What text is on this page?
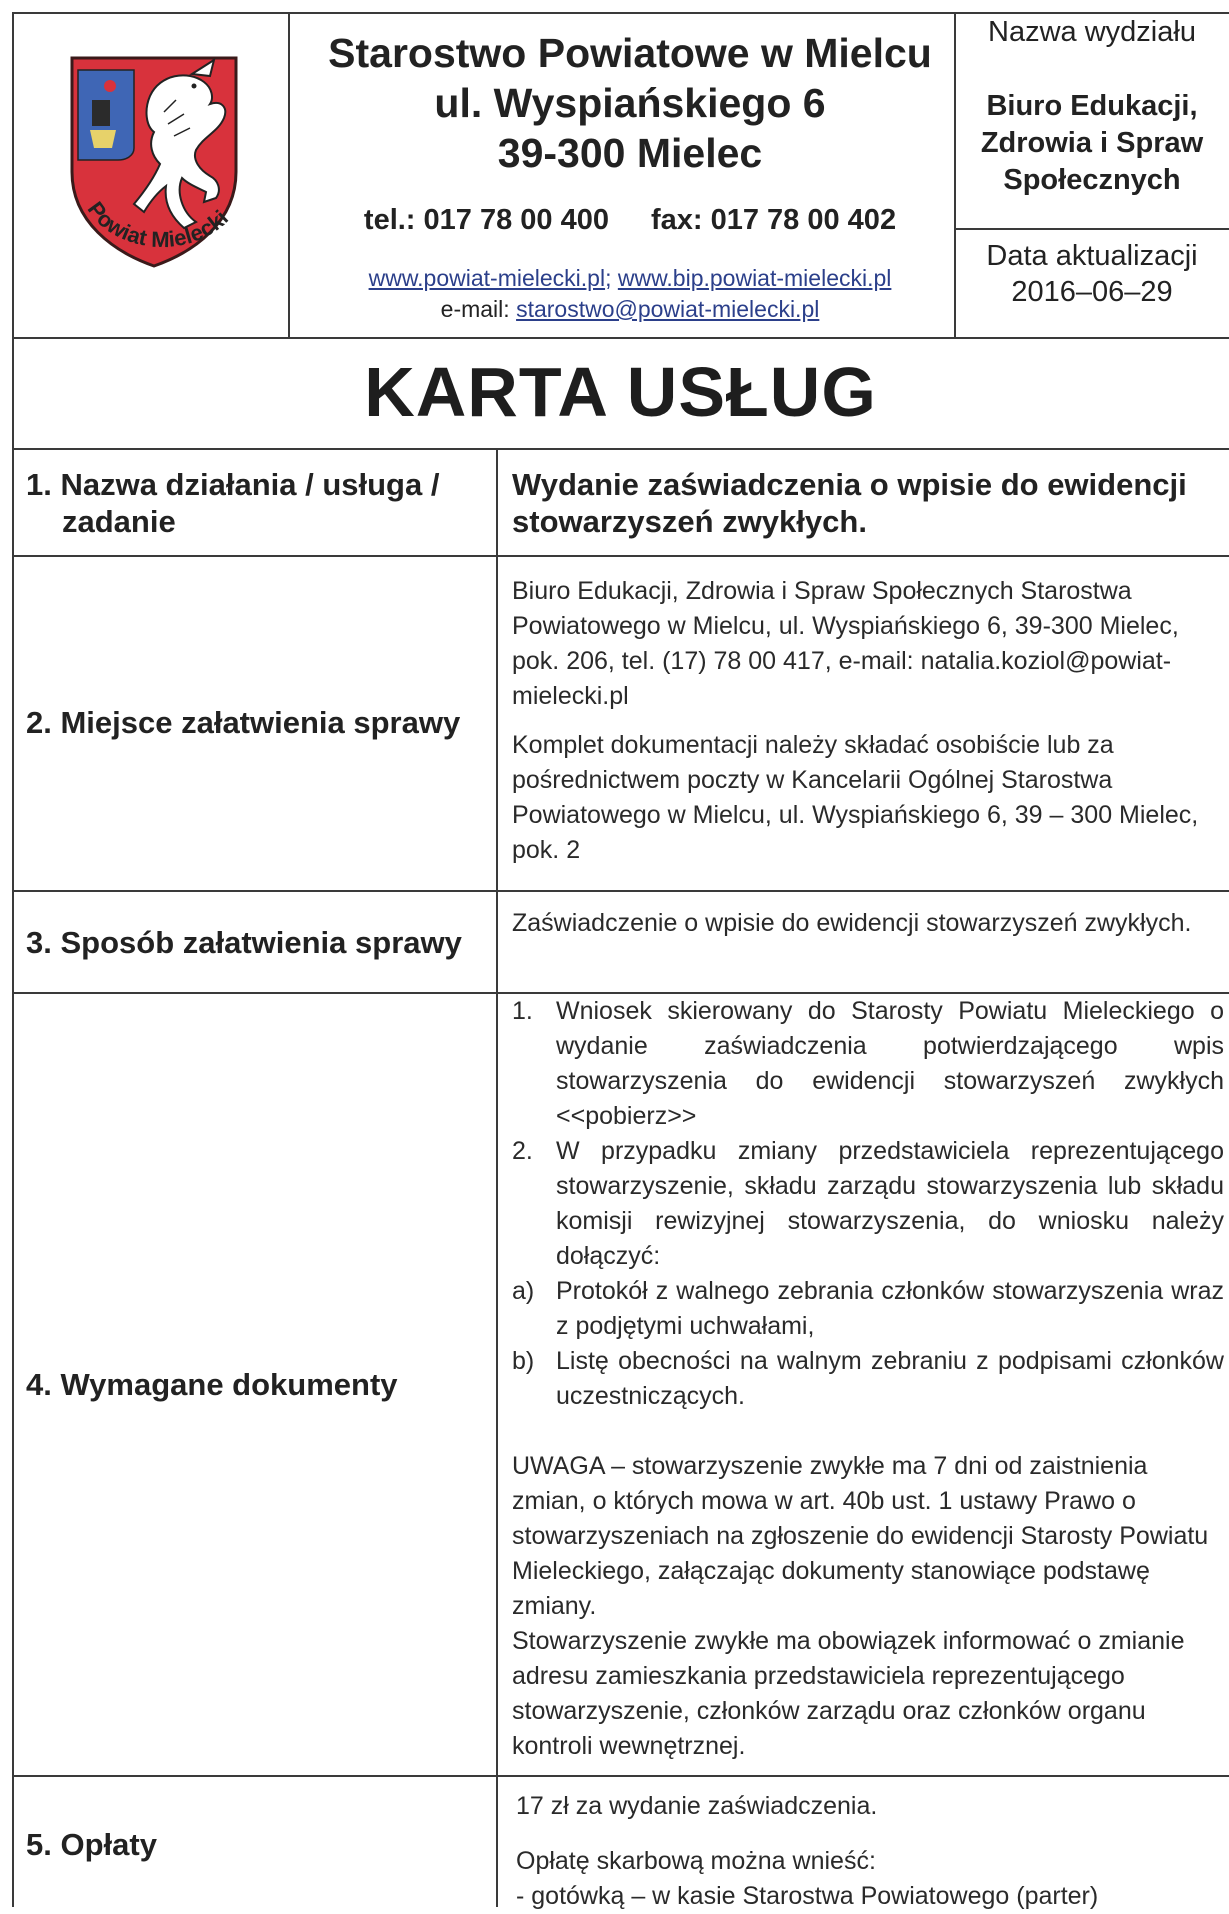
Powiat Mielecki
Starostwo Powiatowe w Mielcu
ul. Wyspiańskiego 6
39-300 Mielec
tel.: 017 78 00 400 fax: 017 78 00 402
www.powiat-mielecki.pl; www.bip.powiat-mielecki.pl
e-mail: starostwo@powiat-mielecki.pl
Nazwa wydziału
Biuro Edukacji,
Zdrowia i Spraw
Społecznych
Data aktualizacji
2016–06–29
KARTA USŁUG
1. Nazwa działania / usługa /
zadanie
Wydanie zaświadczenia o wpisie do ewidencji
stowarzyszeń zwykłych.
2. Miejsce załatwienia sprawy

Biuro Edukacji, Zdrowia i Spraw Społecznych Starostwa Powiatowego w Mielcu, ul. Wyspiańskiego 6, 39-300 Mielec, pok. 206, tel. (17) 78 00 417, e-mail: natalia.koziol@powiat-mielecki.pl

Komplet dokumentacji należy składać osobiście lub za pośrednictwem poczty w Kancelarii Ogólnej Starostwa Powiatowego w Mielcu, ul. Wyspiańskiego 6, 39 – 300 Mielec, pok. 2

3. Sposób załatwienia sprawy
Zaświadczenie o wpisie do ewidencji stowarzyszeń zwykłych.
4. Wymagane dokumenty
1. Wniosek skierowany do Starosty Powiatu Mieleckiego o wydanie zaświadczenia potwierdzającego wpis stowarzyszenia do ewidencji stowarzyszeń zwykłych <<pobierz>>
2. W przypadku zmiany przedstawiciela reprezentującego stowarzyszenie, składu zarządu stowarzyszenia lub składu komisji rewizyjnej stowarzyszenia, do wniosku należy dołączyć:
a) Protokół z walnego zebrania członków stowarzyszenia wraz z podjętymi uchwałami,
b) Listę obecności na walnym zebraniu z podpisami członków uczestniczących.

UWAGA – stowarzyszenie zwykłe ma 7 dni od zaistnienia zmian, o których mowa w art. 40b ust. 1 ustawy Prawo o stowarzyszeniach na zgłoszenie do ewidencji Starosty Powiatu Mieleckiego, załączając dokumenty stanowiące podstawę zmiany.

Stowarzyszenie zwykłe ma obowiązek informować o zmianie adresu zamieszkania przedstawiciela reprezentującego stowarzyszenie, członków zarządu oraz członków organu kontroli wewnętrznej.

5. Opłaty

17 zł za wydanie zaświadczenia.

Opłatę skarbową można wnieść:

- gotówką – w kasie Starostwa Powiatowego (parter)
